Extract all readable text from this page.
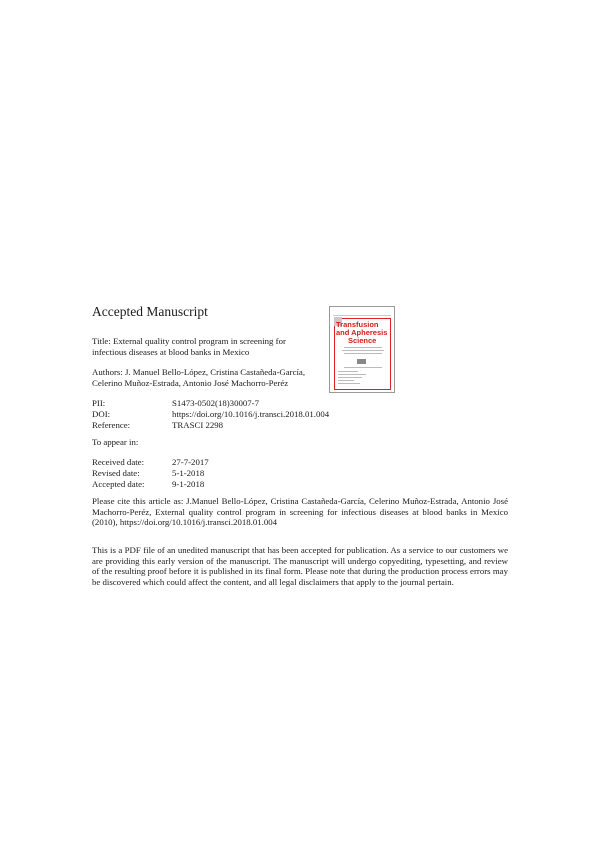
Accepted Manuscript
Transfusion
and Apheresis
Science
Title: External quality control program in screening for
infectious diseases at blood banks in Mexico
Authors: J. Manuel Bello-López, Cristina Castañeda-García,
Celerino Muñoz-Estrada, Antonio José Machorro-Peréz
PII:	S1473-0502(18)30007-7
DOI:	https://doi.org/10.1016/j.transci.2018.01.004
Reference:	TRASCI 2298
To appear in:
Received date:	27-7-2017
Revised date:	5-1-2018
Accepted date:	9-1-2018
Please cite this article as: J.Manuel Bello-López, Cristina Castañeda-García, Celerino Muñoz-Estrada, Antonio José Machorro-Peréz, External quality control program in screening for infectious diseases at blood banks in Mexico (2010), https://doi.org/10.1016/j.transci.2018.01.004
This is a PDF file of an unedited manuscript that has been accepted for publication. As a service to our customers we are providing this early version of the manuscript. The manuscript will undergo copyediting, typesetting, and review of the resulting proof before it is published in its final form. Please note that during the production process errors may be discovered which could affect the content, and all legal disclaimers that apply to the journal pertain.
